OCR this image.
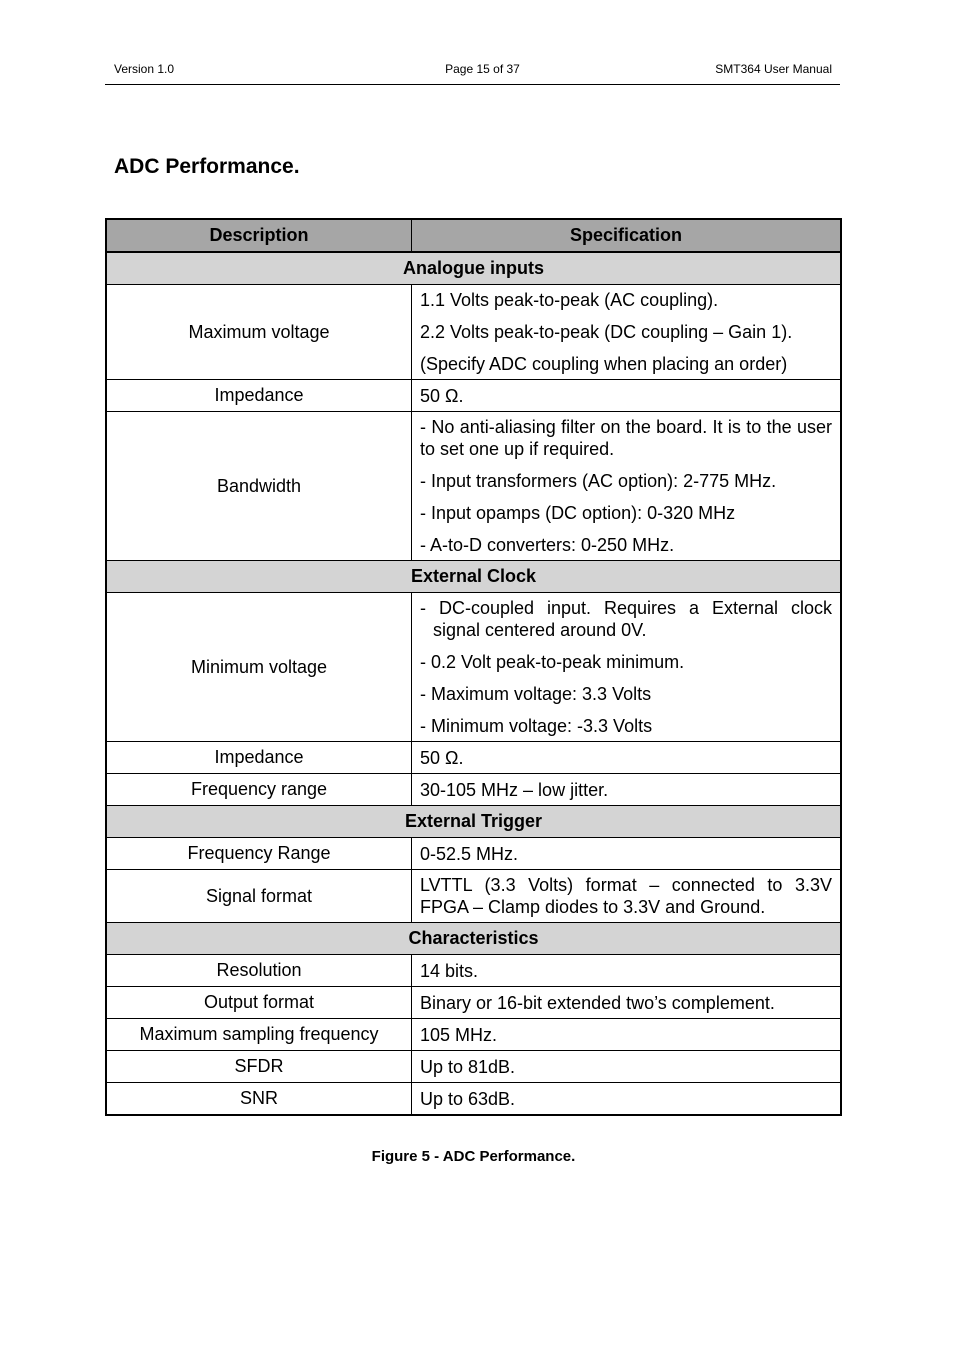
Version 1.0	Page 15 of 37	SMT364 User Manual
ADC Performance.
Description	Specification
Analogue inputs	
Maximum voltage	1.1 Volts peak-to-peak (AC coupling).

2.2 Volts peak-to-peak (DC coupling – Gain 1).

(Specify ADC coupling when placing an order)

Impedance	50 Ω.

Bandwidth	- No anti-aliasing filter on the board. It is to the user to set one up if required.

- Input transformers (AC option): 2-775 MHz.

- Input opamps (DC option): 0-320 MHz

- A-to-D converters: 0-250 MHz.

External Clock	
Minimum voltage	- DC-coupled input. Requires a External clock signal centered around 0V.

- 0.2 Volt peak-to-peak minimum.

- Maximum voltage: 3.3 Volts

- Minimum voltage: -3.3 Volts

Impedance	50 Ω.

Frequency range	30-105 MHz – low jitter.

External Trigger	
Frequency Range	0-52.5 MHz.

Signal format	LVTTL (3.3 Volts) format – connected to 3.3V FPGA – Clamp diodes to 3.3V and Ground.

Characteristics	
Resolution	14 bits.

Output format	Binary or 16-bit extended two’s complement.

Maximum sampling frequency	105 MHz.

SFDR	Up to 81dB.

SNR	Up to 63dB.

Figure 5 - ADC Performance.
